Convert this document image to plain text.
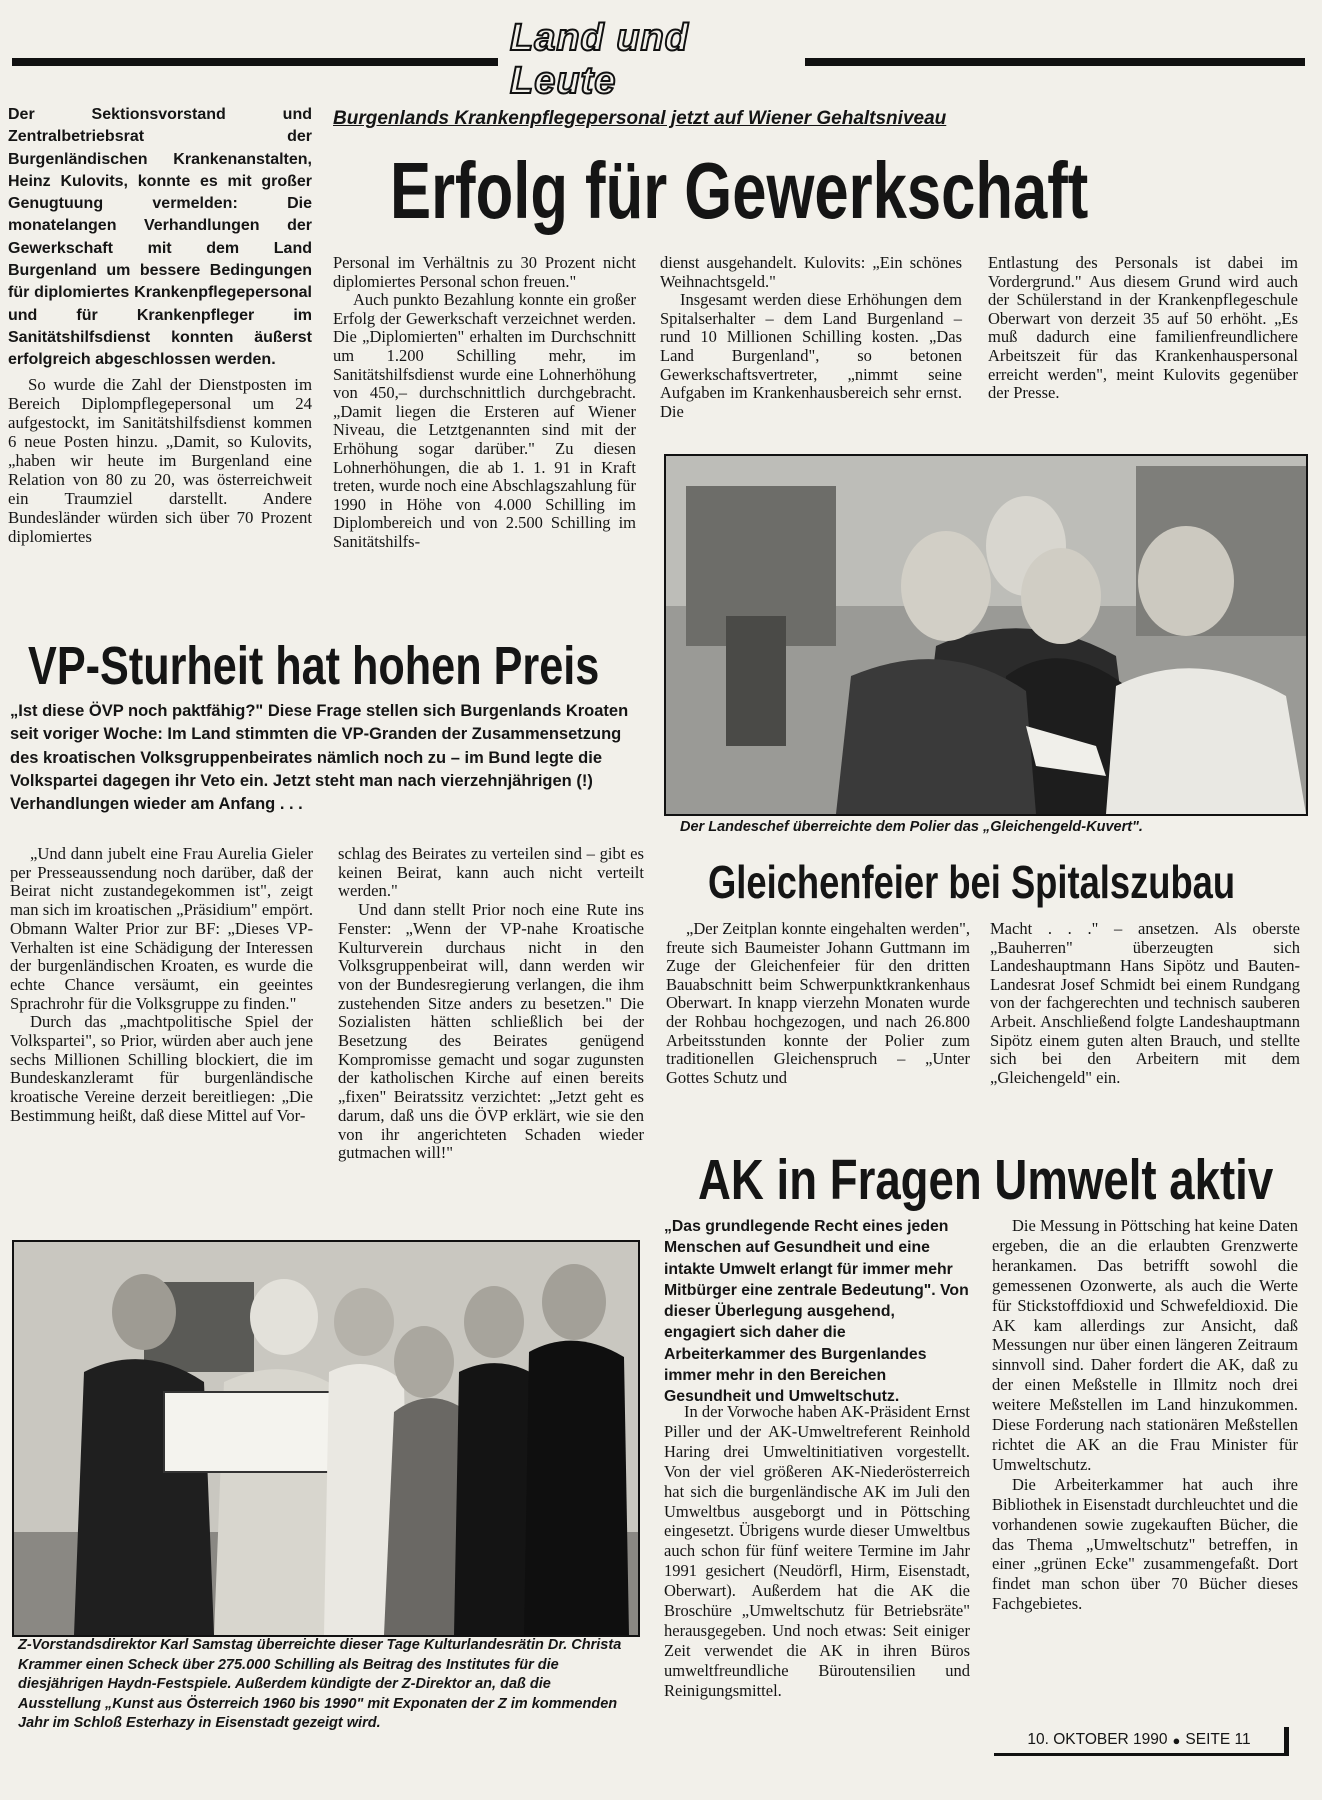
Land und Leute
Der Sektionsvorstand und Zentralbetriebsrat der Burgenländischen Krankenanstalten, Heinz Kulovits, konnte es mit großer Genugtuung vermelden: Die monatelangen Verhandlungen der Gewerkschaft mit dem Land Burgenland um bessere Bedingungen für diplomiertes Krankenpflegepersonal und für Krankenpfleger im Sanitätshilfsdienst konnten äußerst erfolgreich abgeschlossen werden.

So wurde die Zahl der Dienstposten im Bereich Diplompflegepersonal um 24 aufgestockt, im Sanitätshilfsdienst kommen 6 neue Posten hinzu. „Damit, so Kulovits, „haben wir heute im Burgenland eine Relation von 80 zu 20, was österreichweit ein Traumziel darstellt. Andere Bundesländer würden sich über 70 Prozent diplomiertes

Burgenlands Krankenpflegepersonal jetzt auf Wiener Gehaltsniveau
Erfolg für Gewerkschaft

Personal im Verhältnis zu 30 Prozent nicht diplomiertes Personal schon freuen."

Auch punkto Bezahlung konnte ein großer Erfolg der Gewerkschaft verzeichnet werden. Die „Diplomierten" erhalten im Durchschnitt um 1.200 Schilling mehr, im Sanitätshilfsdienst wurde eine Lohnerhöhung von 450,– durchschnittlich durchgebracht. „Damit liegen die Ersteren auf Wiener Niveau, die Letztgenannten sind mit der Erhöhung sogar darüber." Zu diesen Lohnerhöhungen, die ab 1. 1. 91 in Kraft treten, wurde noch eine Abschlagszahlung für 1990 in Höhe von 4.000 Schilling im Diplombereich und von 2.500 Schilling im Sanitätshilfs-

dienst ausgehandelt. Kulovits: „Ein schönes Weihnachtsgeld."

Insgesamt werden diese Erhöhungen dem Spitalserhalter – dem Land Burgenland – rund 10 Millionen Schilling kosten. „Das Land Burgenland", so betonen Gewerkschaftsvertreter, „nimmt seine Aufgaben im Krankenhausbereich sehr ernst. Die

Entlastung des Personals ist dabei im Vordergrund." Aus diesem Grund wird auch der Schülerstand in der Krankenpflegeschule Oberwart von derzeit 35 auf 50 erhöht. „Es muß dadurch eine familienfreundlichere Arbeitszeit für das Krankenhauspersonal erreicht werden", meint Kulovits gegenüber der Presse.

Der Landeschef überreichte dem Polier das „Gleichengeld-Kuvert".
VP-Sturheit hat hohen Preis
„Ist diese ÖVP noch paktfähig?" Diese Frage stellen sich Burgenlands Kroaten seit voriger Woche: Im Land stimmten die VP-Granden der Zusammensetzung des kroatischen Volksgruppenbeirates nämlich noch zu – im Bund legte die Volkspartei dagegen ihr Veto ein. Jetzt steht man nach vierzehnjährigen (!) Verhandlungen wieder am Anfang . . .

„Und dann jubelt eine Frau Aurelia Gieler per Presseaussendung noch darüber, daß der Beirat nicht zustandegekommen ist", zeigt man sich im kroatischen „Präsidium" empört. Obmann Walter Prior zur BF: „Dieses VP-Verhalten ist eine Schädigung der Interessen der burgenländischen Kroaten, es wurde die echte Chance versäumt, ein geeintes Sprachrohr für die Volksgruppe zu finden."

Durch das „machtpolitische Spiel der Volkspartei", so Prior, würden aber auch jene sechs Millionen Schilling blockiert, die im Bundeskanzleramt für burgenländische kroatische Vereine derzeit bereitliegen: „Die Bestimmung heißt, daß diese Mittel auf Vor-

schlag des Beirates zu verteilen sind – gibt es keinen Beirat, kann auch nicht verteilt werden."

Und dann stellt Prior noch eine Rute ins Fenster: „Wenn der VP-nahe Kroatische Kulturverein durchaus nicht in den Volksgruppenbeirat will, dann werden wir von der Bundesregierung verlangen, die ihm zustehenden Sitze anders zu besetzen." Die Sozialisten hätten schließlich bei der Besetzung des Beirates genügend Kompromisse gemacht und sogar zugunsten der katholischen Kirche auf einen bereits „fixen" Beiratssitz verzichtet: „Jetzt geht es darum, daß uns die ÖVP erklärt, wie sie den von ihr angerichteten Schaden wieder gutmachen will!"

Gleichenfeier bei Spitalszubau

„Der Zeitplan konnte eingehalten werden", freute sich Baumeister Johann Guttmann im Zuge der Gleichenfeier für den dritten Bauabschnitt beim Schwerpunktkrankenhaus Oberwart. In knapp vierzehn Monaten wurde der Rohbau hochgezogen, und nach 26.800 Arbeitsstunden konnte der Polier zum traditionellen Gleichenspruch – „Unter Gottes Schutz und

Macht . . ." – ansetzen. Als oberste „Bauherren" überzeugten sich Landeshauptmann Hans Sipötz und Bauten-Landesrat Josef Schmidt bei einem Rundgang von der fachgerechten und technisch sauberen Arbeit. Anschließend folgte Landeshauptmann Sipötz einem guten alten Brauch, und stellte sich bei den Arbeitern mit dem „Gleichengeld" ein.

Z-Vorstandsdirektor Karl Samstag überreichte dieser Tage Kulturlandesrätin Dr. Christa Krammer einen Scheck über 275.000 Schilling als Beitrag des Institutes für die diesjährigen Haydn-Festspiele. Außerdem kündigte der Z-Direktor an, daß die Ausstellung „Kunst aus Österreich 1960 bis 1990" mit Exponaten der Z im kommenden Jahr im Schloß Esterhazy in Eisenstadt gezeigt wird.
AK in Fragen Umwelt aktiv
„Das grundlegende Recht eines jeden Menschen auf Gesundheit und eine intakte Umwelt erlangt für immer mehr Mitbürger eine zentrale Bedeutung". Von dieser Überlegung ausgehend, engagiert sich daher die Arbeiterkammer des Burgenlandes immer mehr in den Bereichen Gesundheit und Umweltschutz.

In der Vorwoche haben AK-Präsident Ernst Piller und der AK-Umweltreferent Reinhold Haring drei Umweltinitiativen vorgestellt. Von der viel größeren AK-Niederösterreich hat sich die burgenländische AK im Juli den Umweltbus ausgeborgt und in Pöttsching eingesetzt. Übrigens wurde dieser Umweltbus auch schon für fünf weitere Termine im Jahr 1991 gesichert (Neudörfl, Hirm, Eisenstadt, Oberwart). Außerdem hat die AK die Broschüre „Umweltschutz für Betriebsräte" herausgegeben. Und noch etwas: Seit einiger Zeit verwendet die AK in ihren Büros umweltfreundliche Büroutensilien und Reinigungsmittel.

Die Messung in Pöttsching hat keine Daten ergeben, die an die erlaubten Grenzwerte herankamen. Das betrifft sowohl die gemessenen Ozonwerte, als auch die Werte für Stickstoffdioxid und Schwefeldioxid. Die AK kam allerdings zur Ansicht, daß Messungen nur über einen längeren Zeitraum sinnvoll sind. Daher fordert die AK, daß zu der einen Meßstelle in Illmitz noch drei weitere Meßstellen im Land hinzukommen. Diese Forderung nach stationären Meßstellen richtet die AK an die Frau Minister für Umweltschutz.

Die Arbeiterkammer hat auch ihre Bibliothek in Eisenstadt durchleuchtet und die vorhandenen sowie zugekauften Bücher, die das Thema „Umweltschutz" betreffen, in einer „grünen Ecke" zusammengefaßt. Dort findet man schon über 70 Bücher dieses Fachgebietes.

10. OKTOBER 1990 ● SEITE 11
